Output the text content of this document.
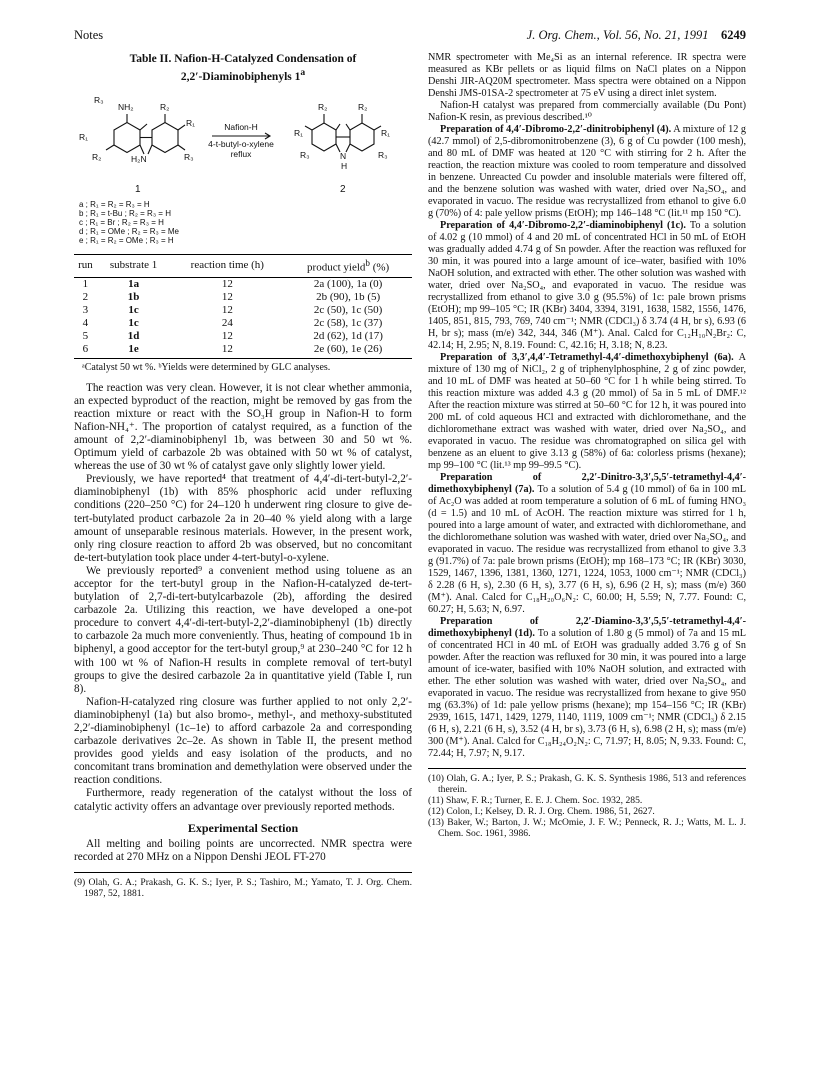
Notes	J. Org. Chem., Vol. 56, No. 21, 1991 6249
Table II. Nafion-H-Catalyzed Condensation of
2,2′-Diaminobiphenyls 1$^a$
R₃
NH₂	R₂
R₁
R₁
R₂	H₂N	R₃
R₂	R₂
R₁	R₁
R₃	N
H
R₃
Nafion-H
4-t-butyl-o-xylene
reflux
1	2
a ; R₁ = R₂ = R₃ = H
b ; R₁ = t-Bu ; R₂ = R₃ = H
c ; R₁ = Br ; R₂ = R₃ = H
d ; R₁ = OMe ; R₂ = R₃ = Me
e ; R₁ = R₂ = OMe ; R₃ = H
run	substrate 1	reaction time (h)	product yield$^b$ (%)
1	1a	12	2a (100), 1a (0)
2	1b	12	2b (90), 1b (5)
3	1c	12	2c (50), 1c (50)
4	1c	24	2c (58), 1c (37)
5	1d	12	2d (62), 1d (17)
6	1e	12	2e (60), 1e (26)
ᵃCatalyst 50 wt %. ᵇYields were determined by GLC analyses.

The reaction was very clean. However, it is not clear whether ammonia, an expected byproduct of the reaction, might be removed by gas from the reaction mixture or react with the SO₃H group in Nafion-H to form Nafion-NH₄⁺. The proportion of catalyst required, as a function of the amount of 2,2′-diaminobiphenyl 1b, was between 30 and 50 wt %. Optimum yield of carbazole 2b was obtained with 50 wt % of catalyst, whereas the use of 30 wt % of catalyst gave only slightly lower yield.

Previously, we have reported⁴ that treatment of 4,4′-di-tert-butyl-2,2′-diaminobiphenyl (1b) with 85% phosphoric acid under refluxing conditions (220–250 °C) for 24–120 h underwent ring closure to give de-tert-butylated product carbazole 2a in 20–40 % yield along with a large amount of unseparable resinous materials. However, in the present work, only ring closure reaction to afford 2b was observed, but no concomitant de-tert-butylation took place under 4-tert-butyl-o-xylene.

We previously reported⁹ a convenient method using toluene as an acceptor for the tert-butyl group in the Nafion-H-catalyzed de-tert-butylation of 2,7-di-tert-butylcarbazole (2b), affording the desired carbazole 2a. Utilizing this reaction, we have developed a one-pot procedure to convert 4,4′-di-tert-butyl-2,2′-diaminobiphenyl (1b) directly to carbazole 2a much more conveniently. Thus, heating of compound 1b in biphenyl, a good acceptor for the tert-butyl group,⁹ at 230–240 °C for 12 h with 100 wt % of Nafion-H results in complete removal of tert-butyl groups to give the desired carbazole 2a in quantitative yield (Table I, run 8).

Nafion-H-catalyzed ring closure was further applied to not only 2,2′-diaminobiphenyl (1a) but also bromo-, methyl-, and methoxy-substituted 2,2′-diaminobiphenyl (1c–1e) to afford carbazole 2a and corresponding carbazole derivatives 2c–2e. As shown in Table II, the present method provides good yields and easy isolation of the products, and no concomitant trans bromination and demethylation were observed under the reaction conditions.

Furthermore, ready regeneration of the catalyst without the loss of catalytic activity offers an advantage over previously reported methods.

Experimental Section

All melting and boiling points are uncorrected. NMR spectra were recorded at 270 MHz on a Nippon Denshi JEOL FT-270

(9) Olah, G. A.; Prakash, G. K. S.; Iyer, P. S.; Tashiro, M.; Yamato, T. J. Org. Chem. 1987, 52, 1881.

NMR spectrometer with Me₄Si as an internal reference. IR spectra were measured as KBr pellets or as liquid films on NaCl plates on a Nippon Denshi JIR-AQ20M spectrometer. Mass spectra were obtained on a Nippon Denshi JMS-01SA-2 spectrometer at 75 eV using a direct inlet system.

Nafion-H catalyst was prepared from commercially available (Du Pont) Nafion-K resin, as previous described.¹⁰

Preparation of 4,4′-Dibromo-2,2′-dinitrobiphenyl (4). A mixture of 12 g (42.7 mmol) of 2,5-dibromonitrobenzene (3), 6 g of Cu powder (100 mesh), and 80 mL of DMF was heated at 120 °C with stirring for 2 h. After the reaction, the reaction mixture was cooled to room temperature and dissolved in benzene. Unreacted Cu powder and insoluble materials were filtered off, and the benzene solution was washed with water, dried over Na₂SO₄, and evaporated in vacuo. The residue was recrystallized from ethanol to give 6.0 g (70%) of 4: pale yellow prisms (EtOH); mp 146–148 °C (lit.¹¹ mp 150 °C).

Preparation of 4,4′-Dibromo-2,2′-diaminobiphenyl (1c). To a solution of 4.02 g (10 mmol) of 4 and 20 mL of concentrated HCl in 50 mL of EtOH was gradually added 4.74 g of Sn powder. After the reaction was refluxed for 30 min, it was poured into a large amount of ice–water, basified with 10% NaOH solution, and extracted with ether. The other solution was washed with water, dried over Na₂SO₄, and evaporated in vacuo. The residue was recrystallized from ethanol to give 3.0 g (95.5%) of 1c: pale brown prisms (EtOH); mp 99–105 °C; IR (KBr) 3404, 3394, 3191, 1638, 1582, 1556, 1476, 1405, 851, 815, 793, 769, 740 cm⁻¹; NMR (CDCl₃) δ 3.74 (4 H, br s), 6.93 (6 H, br s); mass (m/e) 342, 344, 346 (M⁺). Anal. Calcd for C₁₂H₁₀N₂Br₂: C, 42.14; H, 2.95; N, 8.19. Found: C, 42.16; H, 3.18; N, 8.23.

Preparation of 3,3′,4,4′-Tetramethyl-4,4′-dimethoxybiphenyl (6a). A mixture of 130 mg of NiCl₂, 2 g of triphenylphosphine, 2 g of zinc powder, and 10 mL of DMF was heated at 50–60 °C for 1 h while being stirred. To this reaction mixture was added 4.3 g (20 mmol) of 5a in 5 mL of DMF.¹² After the reaction mixture was stirred at 50–60 °C for 12 h, it was poured into 200 mL of cold aqueous HCl and extracted with dichloromethane, and the dichloromethane extract was washed with water, dried over Na₂SO₄, and evaporated in vacuo. The residue was chromatographed on silica gel with benzene as an eluent to give 3.13 g (58%) of 6a: colorless prisms (hexane); mp 99–100 °C (lit.¹³ mp 99–99.5 °C).

Preparation of 2,2′-Dinitro-3,3′,5,5′-tetramethyl-4,4′-dimethoxybiphenyl (7a). To a solution of 5.4 g (10 mmol) of 6a in 100 mL of Ac₂O was added at room temperature a solution of 6 mL of fuming HNO₃ (d = 1.5) and 10 mL of AcOH. The reaction mixture was stirred for 1 h, poured into a large amount of water, and extracted with dichloromethane, and the dichloromethane solution was washed with water, dried over Na₂SO₄, and evaporated in vacuo. The residue was recrystallized from ethanol to give 3.3 g (91.7%) of 7a: pale brown prisms (EtOH); mp 168–173 °C; IR (KBr) 3030, 1529, 1467, 1396, 1381, 1360, 1271, 1224, 1053, 1000 cm⁻¹; NMR (CDCl₃) δ 2.28 (6 H, s), 2.30 (6 H, s), 3.77 (6 H, s), 6.96 (2 H, s); mass (m/e) 360 (M⁺). Anal. Calcd for C₁₈H₂₀O₆N₂: C, 60.00; H, 5.59; N, 7.77. Found: C, 60.27; H, 5.63; N, 6.97.

Preparation of 2,2′-Diamino-3,3′,5,5′-tetramethyl-4,4′-dimethoxybiphenyl (1d). To a solution of 1.80 g (5 mmol) of 7a and 15 mL of concentrated HCl in 40 mL of EtOH was gradually added 3.76 g of Sn powder. After the reaction was refluxed for 30 min, it was poured into a large amount of ice-water, basified with 10% NaOH solution, and extracted with ether. The ether solution was washed with water, dried over Na₂SO₄, and evaporated in vacuo. The residue was recrystallized from hexane to give 950 mg (63.3%) of 1d: pale yellow prisms (hexane); mp 154–156 °C; IR (KBr) 2939, 1615, 1471, 1429, 1279, 1140, 1119, 1009 cm⁻¹; NMR (CDCl₃) δ 2.15 (6 H, s), 2.21 (6 H, s), 3.52 (4 H, br s), 3.73 (6 H, s), 6.98 (2 H, s); mass (m/e) 300 (M⁺). Anal. Calcd for C₁₈H₂₄O₂N₂: C, 71.97; H, 8.05; N, 9.33. Found: C, 72.44; H, 7.97; N, 9.17.

(10) Olah, G. A.; Iyer, P. S.; Prakash, G. K. S. Synthesis 1986, 513 and references therein.
(11) Shaw, F. R.; Turner, E. E. J. Chem. Soc. 1932, 285.
(12) Colon, I.; Kelsey, D. R. J. Org. Chem. 1986, 51, 2627.
(13) Baker, W.; Barton, J. W.; McOmie, J. F. W.; Penneck, R. J.; Watts, M. L. J. Chem. Soc. 1961, 3986.
